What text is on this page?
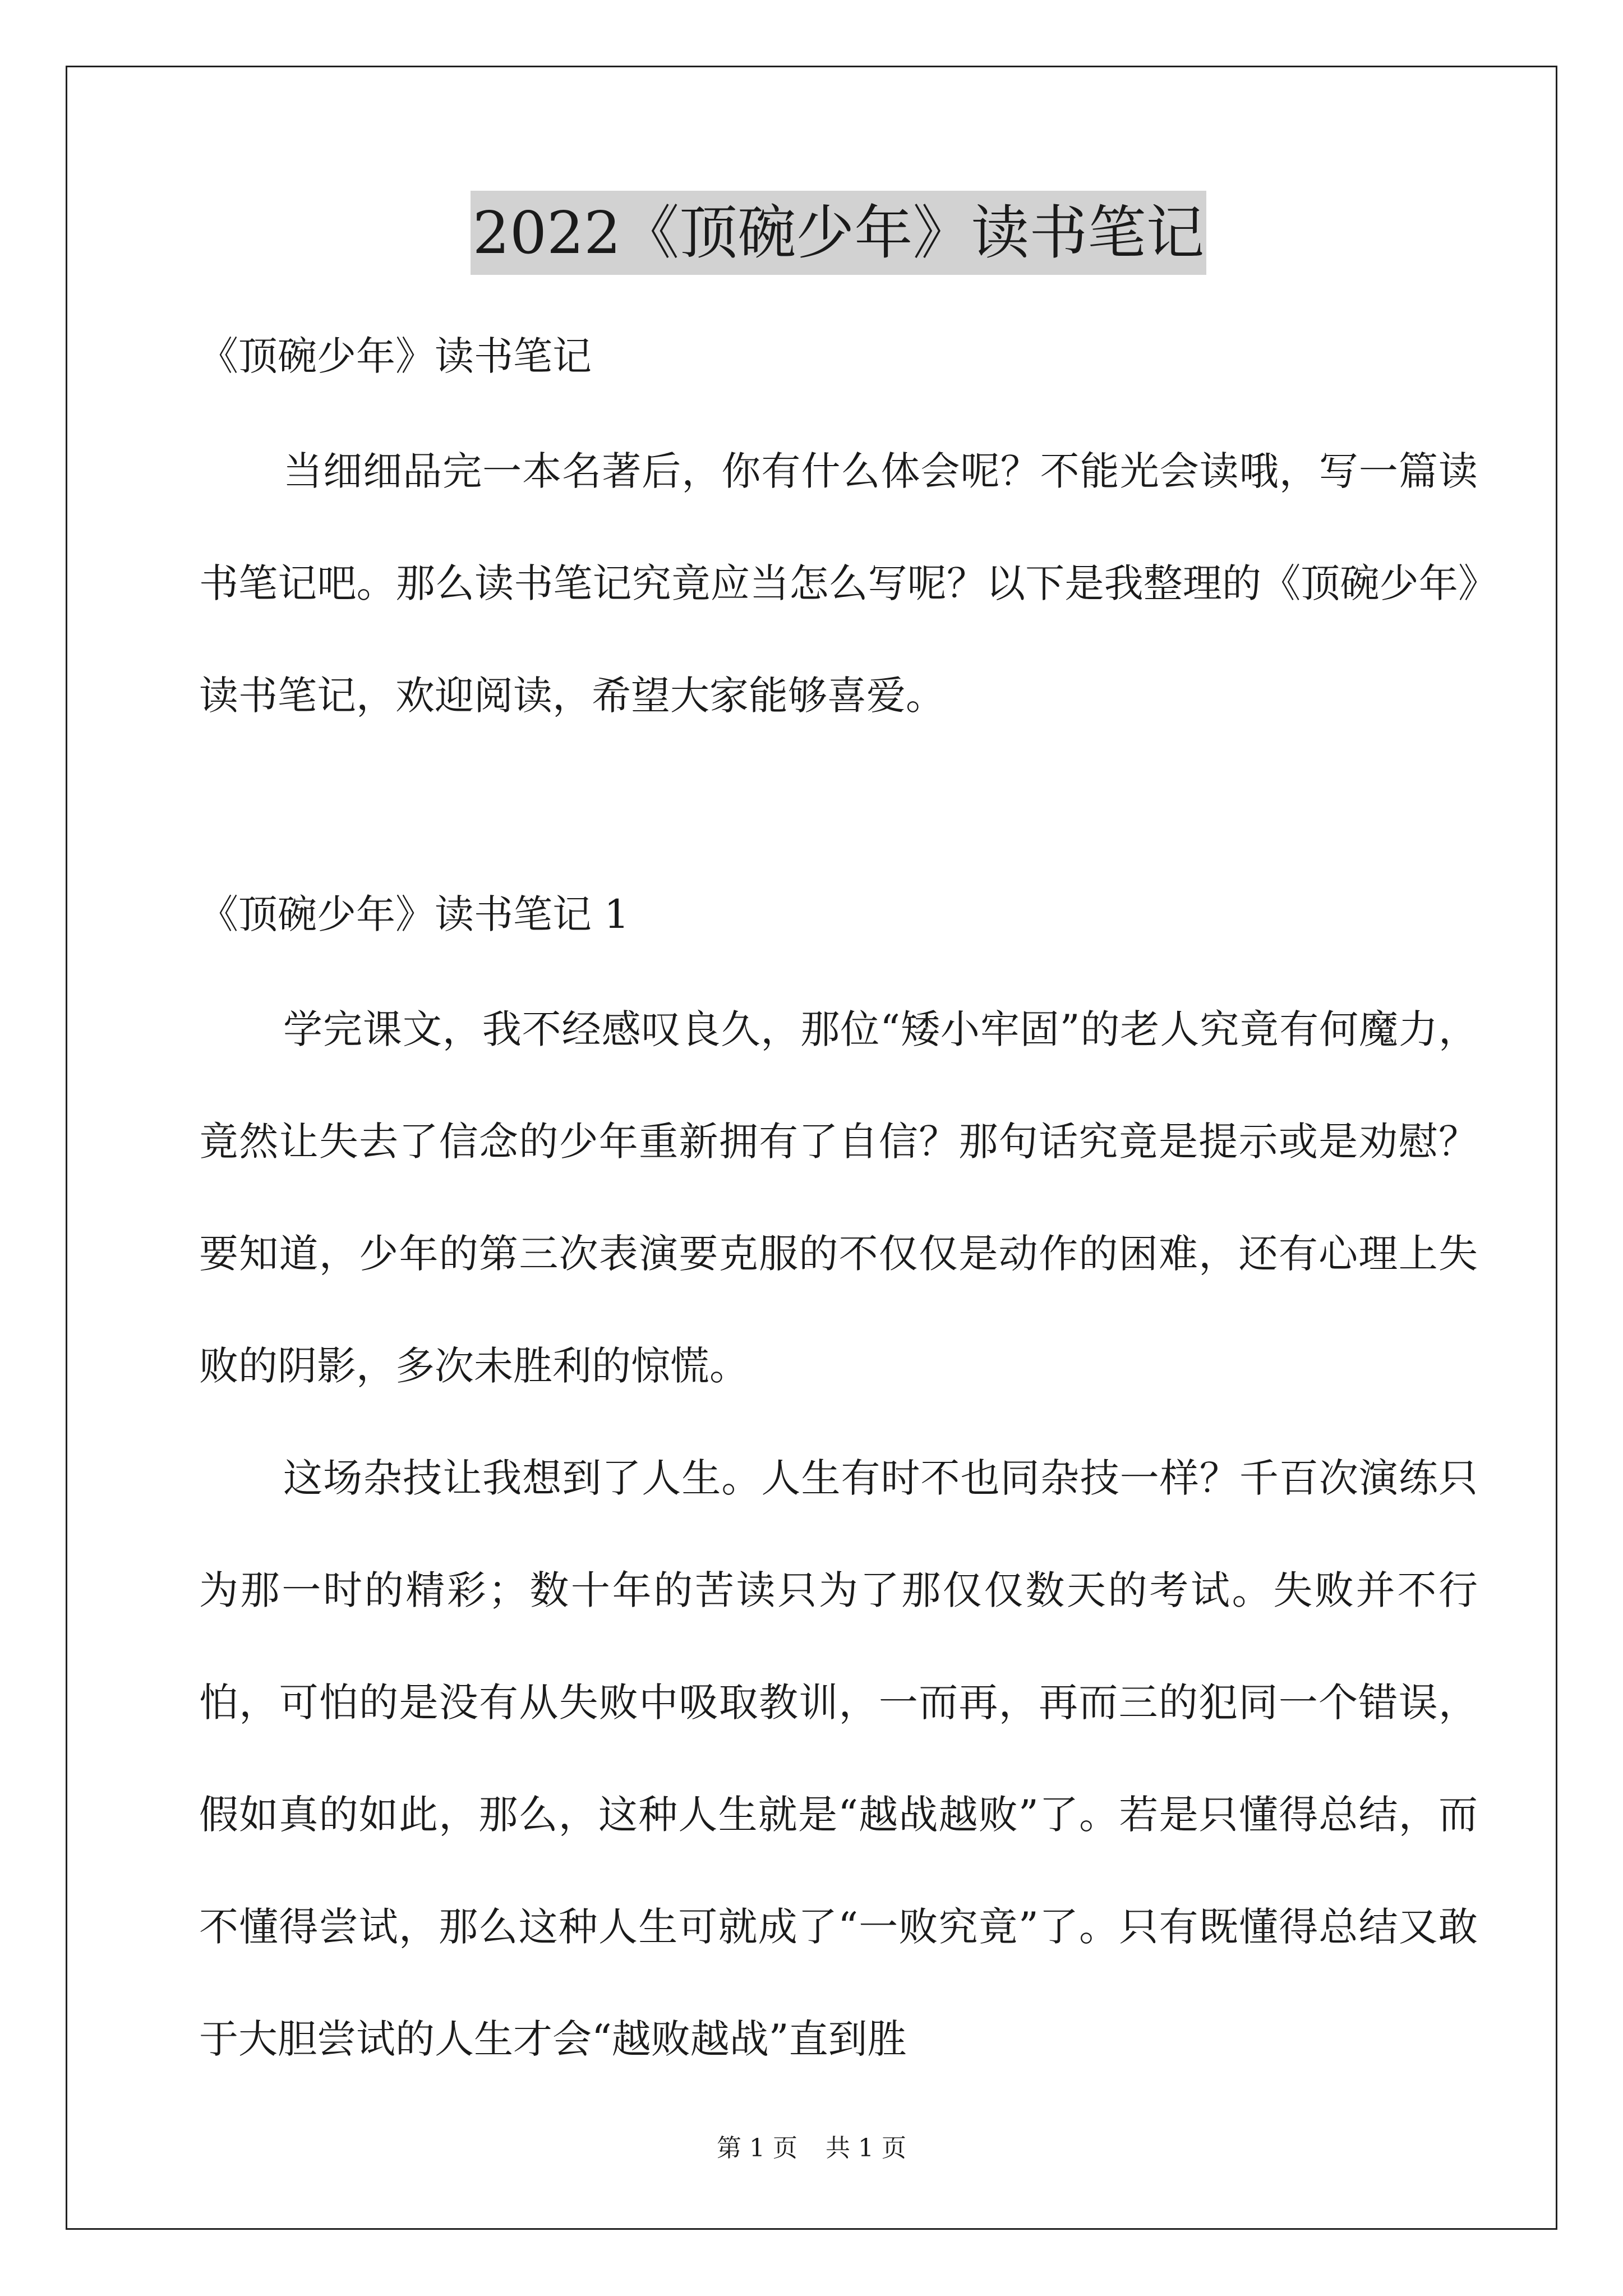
2022《顶碗少年》读书笔记

《顶碗少年》读书笔记

当细细品完一本名著后，你有什么体会呢？不能光会读哦，写一篇读书笔记吧。那么读书笔记究竟应当怎么写呢？以下是我整理的《顶碗少年》读书笔记，欢迎阅读，希望大家能够喜爱。

《顶碗少年》读书笔记 1

学完课文，我不经感叹良久，那位“矮小牢固”的老人究竟有何魔力，竟然让失去了信念的少年重新拥有了自信？那句话究竟是提示或是劝慰？要知道，少年的第三次表演要克服的不仅仅是动作的困难，还有心理上失败的阴影，多次未胜利的惊慌。

这场杂技让我想到了人生。人生有时不也同杂技一样？千百次演练只为那一时的精彩；数十年的苦读只为了那仅仅数天的考试。失败并不行怕，可怕的是没有从失败中吸取教训，一而再，再而三的犯同一个错误，假如真的如此，那么，这种人生就是“越战越败”了。若是只懂得总结，而不懂得尝试，那么这种人生可就成了“一败究竟”了。只有既懂得总结又敢于大胆尝试的人生才会“越败越战”直到胜

第 1 页 共 1 页
